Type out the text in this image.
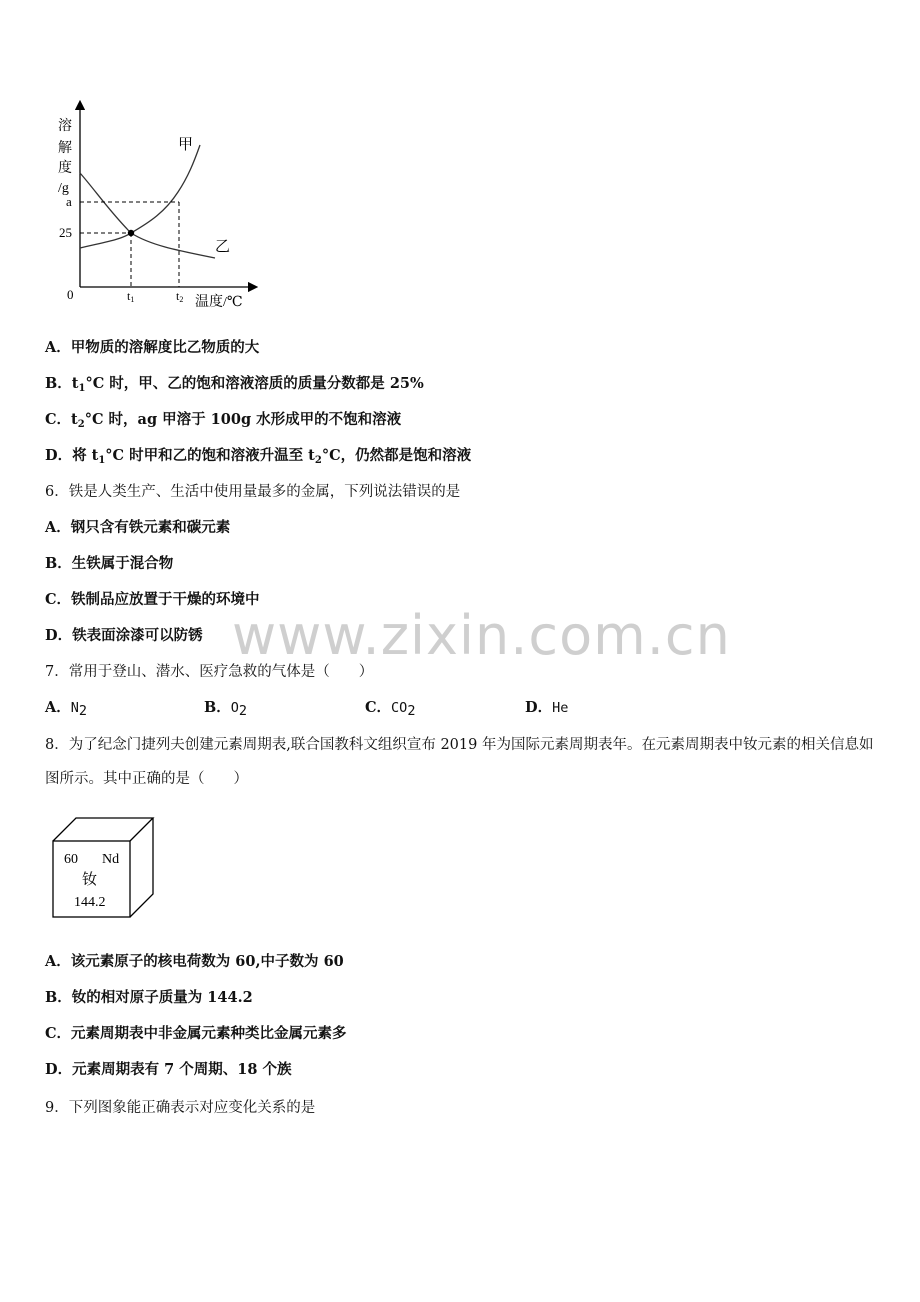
溶
解
度
/g
a
25
0	t1	t2 温度/℃
甲
乙
A．甲物质的溶解度比乙物质的大
B．$t_1^\circ C$ 时，甲、乙的饱和溶液溶质的质量分数都是 25%
C．$t_2^\circ C$ 时，ag 甲溶于 100g 水形成甲的不饱和溶液
D．将 $t_1^\circ C$ 时甲和乙的饱和溶液升温至 $t_2^\circ C$，仍然都是饱和溶液
6．铁是人类生产、生活中使用量最多的金属，下列说法错误的是
A．钢只含有铁元素和碳元素
B．生铁属于混合物
C．铁制品应放置于干燥的环境中
D．铁表面涂漆可以防锈 www.zixin.com.cn
7．常用于登山、潜水、医疗急救的气体是（　　）
A．N2	B．O2	C．CO2	D．He
8．为了纪念门捷列夫创建元素周期表,联合国教科文组织宣布 2019 年为国际元素周期表年。在元素周期表中钕元素的相关信息如图所示。其中正确的是（　　）
60 Nd
钕
144.2
A．该元素原子的核电荷数为 60,中子数为 60
B．钕的相对原子质量为 144.2
C．元素周期表中非金属元素种类比金属元素多
D．元素周期表有 7 个周期、18 个族
9．下列图象能正确表示对应变化关系的是
